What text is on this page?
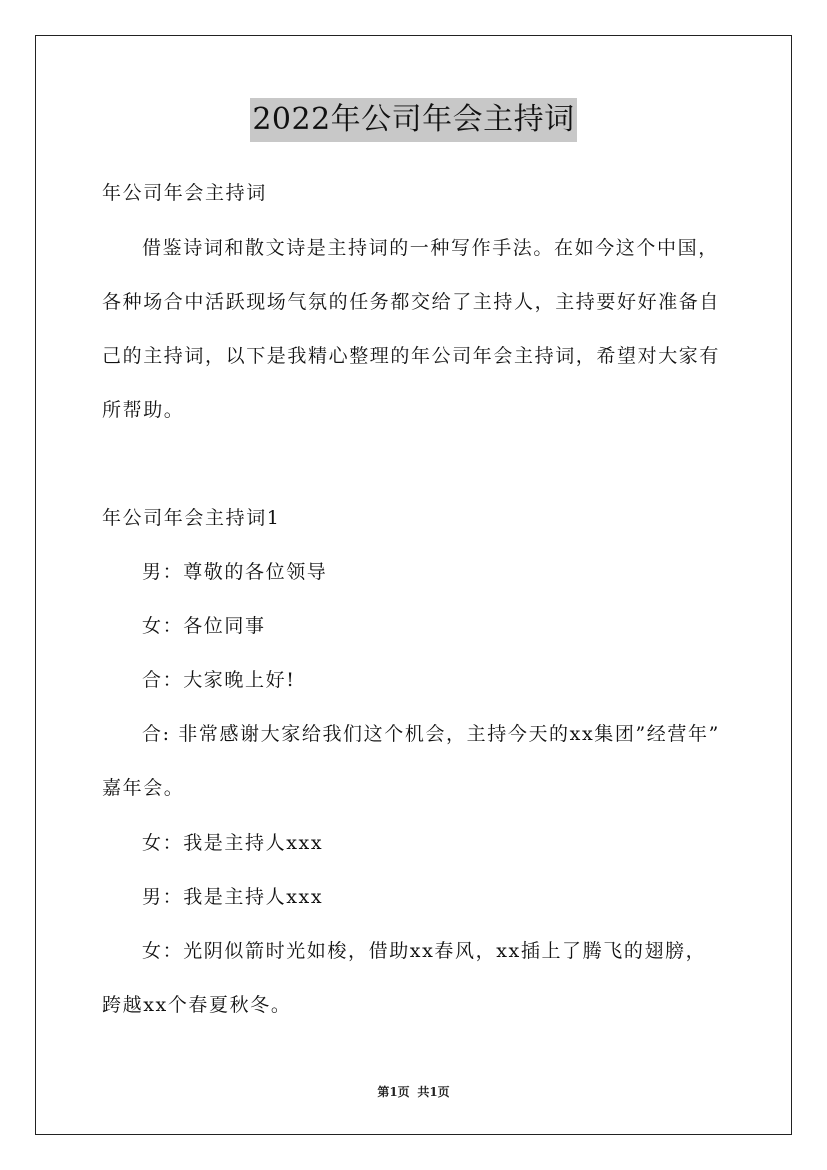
2022年公司年会主持词
年公司年会主持词
借鉴诗词和散文诗是主持词的一种写作手法。在如今这个中国，
各种场合中活跃现场气氛的任务都交给了主持人，主持要好好准备自
己的主持词，以下是我精心整理的年公司年会主持词，希望对大家有
所帮助。
年公司年会主持词1
男：尊敬的各位领导
女：各位同事
合：大家晚上好!
合: 非常感谢大家给我们这个机会，主持今天的xx集团”经营年”
嘉年会。
女：我是主持人xxx
男：我是主持人xxx
女：光阴似箭时光如梭，借助xx春风，xx插上了腾飞的翅膀，
跨越xx个春夏秋冬。
第1页 共1页
